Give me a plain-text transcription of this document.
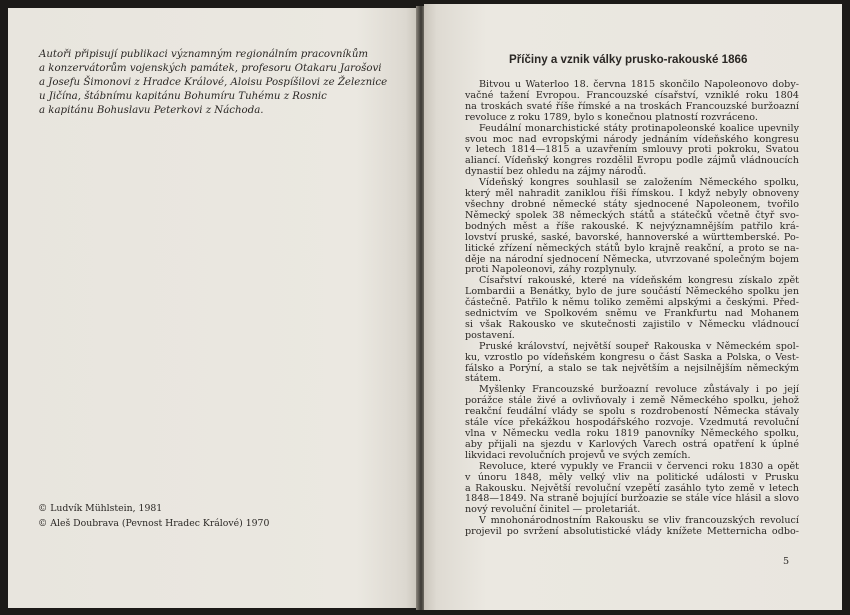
Autoři připisují publikaci významným regionálním pracovníkům
a konzervátorům vojenských památek, profesoru Otakaru Jarošovi
a Josefu Šimonovi z Hradce Králové, Aloisu Pospíšilovi ze Železnice u Jičína, štábnímu kapitánu Bohumíru Tuhému z Rosnic
a kapitánu Bohuslavu Peterkovi z Náchoda.
© Ludvík Mühlstein, 1981
© Aleš Doubrava (Pevnost Hradec Králové) 1970
Příčiny a vznik války prusko-rakouské 1866
Bitvou u Waterloo 18. června 1815 skončilo Napoleonovo doby-
vačné tažení Evropou. Francouzské císařství, vzniklé roku 1804
na troskách svaté říše římské a na troskách Francouzské buržoazní
revoluce z roku 1789, bylo s konečnou platností rozvráceno.
Feudální monarchistické státy protinapoleonské koalice upevnily
svou moc nad evropskými národy jednáním vídeňského kongresu
v letech 1814—1815 a uzavřením smlouvy proti pokroku, Svatou
aliancí. Vídeňský kongres rozdělil Evropu podle zájmů vládnoucích
dynastií bez ohledu na zájmy národů.
Vídeňský kongres souhlasil se založením Německého spolku,
který měl nahradit zaniklou říši římskou. I když nebyly obnoveny
všechny drobné německé státy sjednocené Napoleonem, tvořilo
Německý spolek 38 německých států a státečků včetně čtyř svo-
bodných měst a říše rakouské. K nejvýznamnějším patřilo krá-
lovství pruské, saské, bavorské, hannoverské a württemberské. Po-
litické zřízení německých států bylo krajně reakční, a proto se na-
děje na národní sjednocení Německa, utvrzované společným bojem
proti Napoleonovi, záhy rozplynuly.
Císařství rakouské, které na vídeňském kongresu získalo zpět
Lombardii a Benátky, bylo de jure součástí Německého spolku jen
částečně. Patřilo k němu toliko zeměmi alpskými a českými. Před-
sednictvím ve Spolkovém sněmu ve Frankfurtu nad Mohanem
si však Rakousko ve skutečnosti zajistilo v Německu vládnoucí
postavení.
Pruské království, největší soupeř Rakouska v Německém spol-
ku, vzrostlo po vídeňském kongresu o část Saska a Polska, o Vest-
fálsko a Porýní, a stalo se tak největším a nejsilnějším německým
státem.
Myšlenky Francouzské buržoazní revoluce zůstávaly i po její
porážce stále živé a ovlivňovaly i země Německého spolku, jehož
reakční feudální vlády se spolu s rozdrobeností Německa stávaly
stále více překážkou hospodářského rozvoje. Vzedmutá revoluční
vlna v Německu vedla roku 1819 panovníky Německého spolku,
aby přijali na sjezdu v Karlových Varech ostrá opatření k úplné
likvidaci revolučních projevů ve svých zemích.
Revoluce, které vypukly ve Francii v červenci roku 1830 a opět
v únoru 1848, měly velký vliv na politické události v Prusku
a Rakousku. Největší revoluční vzepětí zasáhlo tyto země v letech
1848—1849. Na straně bojující buržoazie se stále více hlásil a slovo
nový revoluční činitel — proletariát.
V mnohonárodnostním Rakousku se vliv francouzských revolucí
projevil po svržení absolutistické vlády knížete Metternicha odbo-
5
